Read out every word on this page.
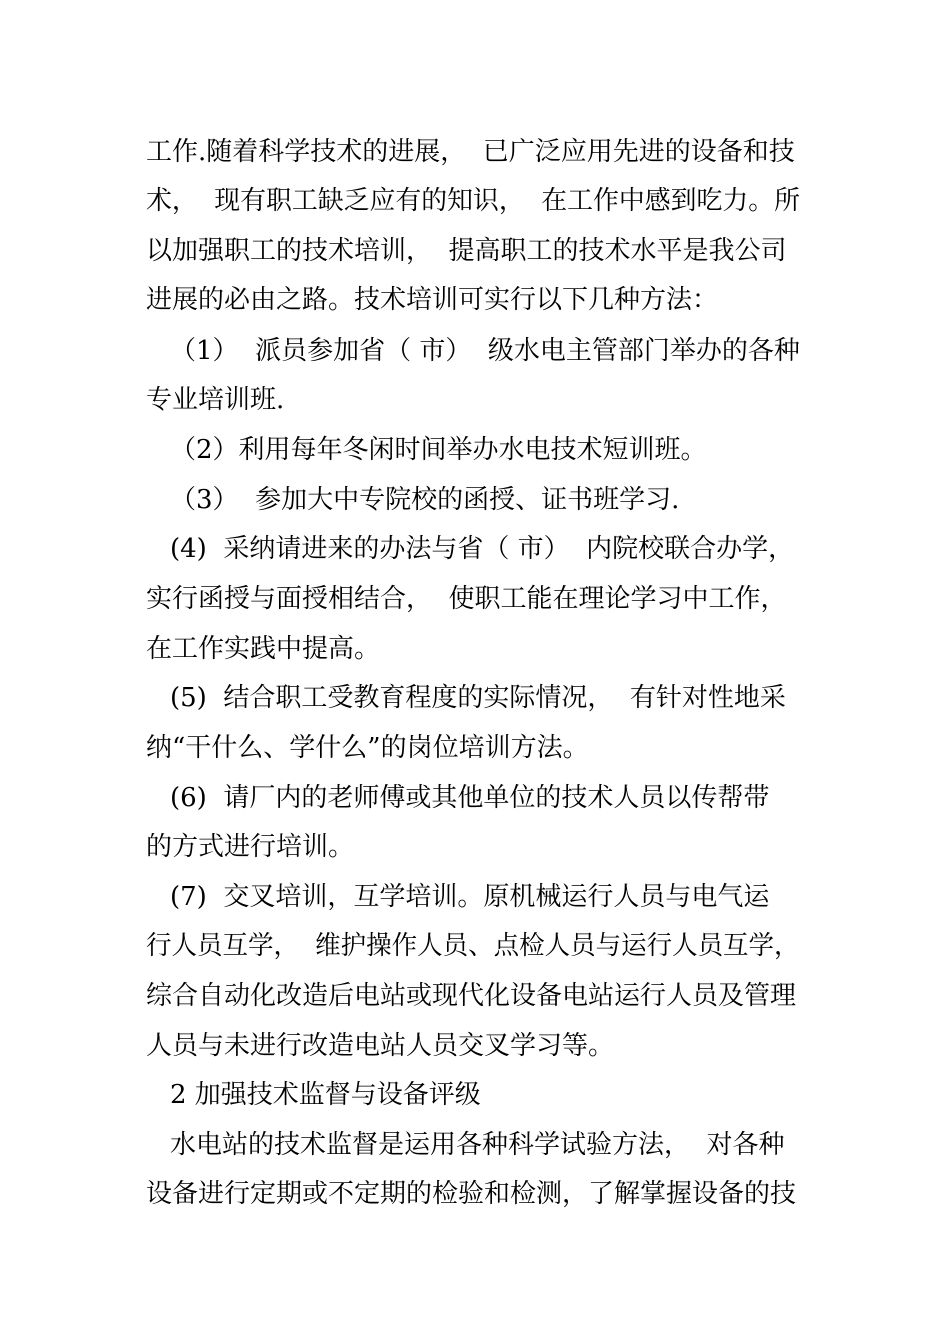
工作.随着科学技术的进展，  已广泛应用先进的设备和技
术，  现有职工缺乏应有的知识，  在工作中感到吃力。所
以加强职工的技术培训，  提高职工的技术水平是我公司
进展的必由之路。技术培训可实行以下几种方法：
（1）  派员参加省（ 市）  级水电主管部门举办的各种
专业培训班.
（2）利用每年冬闲时间举办水电技术短训班。
（3）  参加大中专院校的函授、证书班学习.
(4)  采纳请进来的办法与省（ 市）  内院校联合办学，
实行函授与面授相结合，  使职工能在理论学习中工作，
在工作实践中提高。
(5)  结合职工受教育程度的实际情况，  有针对性地采
纳“干什么、学什么”的岗位培训方法。
(6)  请厂内的老师傅或其他单位的技术人员以传帮带
的方式进行培训。
(7)  交叉培训，互学培训。原机械运行人员与电气运
行人员互学，  维护操作人员、点检人员与运行人员互学，
综合自动化改造后电站或现代化设备电站运行人员及管理
人员与未进行改造电站人员交叉学习等。
2 加强技术监督与设备评级
水电站的技术监督是运用各种科学试验方法，  对各种
设备进行定期或不定期的检验和检测，了解掌握设备的技
